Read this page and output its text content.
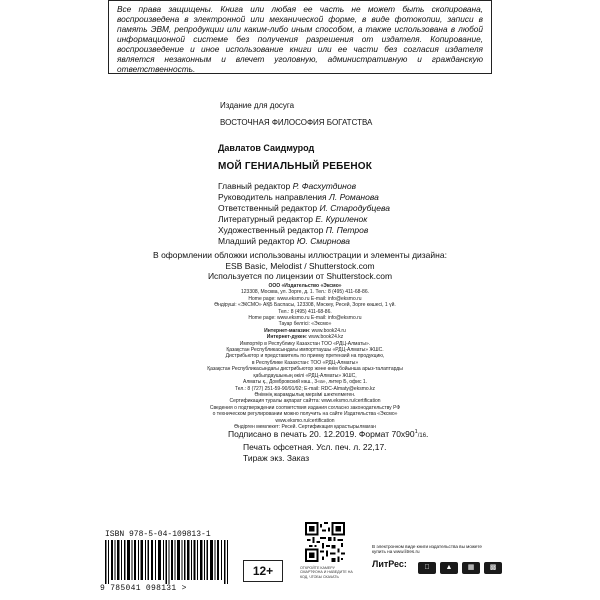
Все права защищены. Книга или любая ее часть не может быть скопирована, воспроизведена в электронной или механической форме, в виде фотокопии, записи в память ЭВМ, репродукции или каким-либо иным способом, а также использована в любой информационной системе без получения разрешения от издателя. Копирование, воспроизведение и иное использование книги или ее части без согласия издателя является незаконным и влечет уголовную, административную и гражданскую ответственность.
Издание для досуга
ВОСТОЧНАЯ ФИЛОСОФИЯ БОГАТСТВА
Давлатов Саидмурод
МОЙ ГЕНИАЛЬНЫЙ РЕБЕНОК
Главный редактор Р. Фасхутдинов
Руководитель направления Л. Романова
Ответственный редактор И. Стародубцева
Литературный редактор Е. Куриленок
Художественный редактор П. Петров
Младший редактор Ю. Смирнова
В оформлении обложки использованы иллюстрации и элементы дизайна:
ESB Basic, Melodist / Shutterstock.com
Используется по лицензии от Shutterstock.com
ООО «Издательство «Эксмо»
123308, Москва, ул. Зорге, д. 1. Тел.: 8 (495) 411-68-86.
Home page: www.eksmo.ru E-mail: info@eksmo.ru
Өндіруші: «ЭКСМО» АҚБ Баспасы, 123308, Мәскеу, Ресей, Зорге көшесі, 1 үй.
Тел.: 8 (495) 411-68-86.
Home page: www.eksmo.ru E-mail: info@eksmo.ru
Тауар белгісі: «Эксмо»
Интернет-магазин: www.book24.ru
Интернет-дүкен: www.book24.kz
Импортёр в Республику Казахстан ТОО «РДЦ-Алматы».
Қазақстан Республикасындағы импорттаушы «РДЦ-Алматы» ЖШС.
Дистрибьютор и представитель по приему претензий на продукцию,
в Республике Казахстан: ТОО «РДЦ-Алматы»
Қазақстан Республикасындағы дистрибьютор және өнім бойынша арыз-талаптарды
қабылдаушының өкілі «РДЦ-Алматы» ЖШС,
Алматы қ., Домбровский көш., 3«а», литер Б, офис 1.
Тел.: 8 (727) 251-59-90/91/92; E-mail: RDC-Almaty@eksmo.kz
Өнімнің жарамдылық мерзімі шектелмеген.
Сертификация туралы ақпарат сайтта: www.eksmo.ru/certification
Сведения о подтверждении соответствия издания согласно законодательству РФ
о техническом регулировании можно получить на сайте Издательства «Эксмо»
www.eksmo.ru/certification
Өндірген мемлекет: Ресей. Сертификация қарастырылмаған
Подписано в печать 20. 12.2019. Формат $70x90^1/16$.
Печать офсетная. Усл. печ. л. 22,17.
Тираж экз. Заказ
ISBN 978-5-04-109813-1
9 785041 098131 >
12+	ОТКРОЙТЕ КАМЕРУ СМАРТФОНА И НАВЕДИТЕ НА КОД, ЧТОБЫ СКАЧАТЬ
В электронном виде книги издательства вы можете купить на www.litres.ru
ЛитРес:	▲	▦	▩
